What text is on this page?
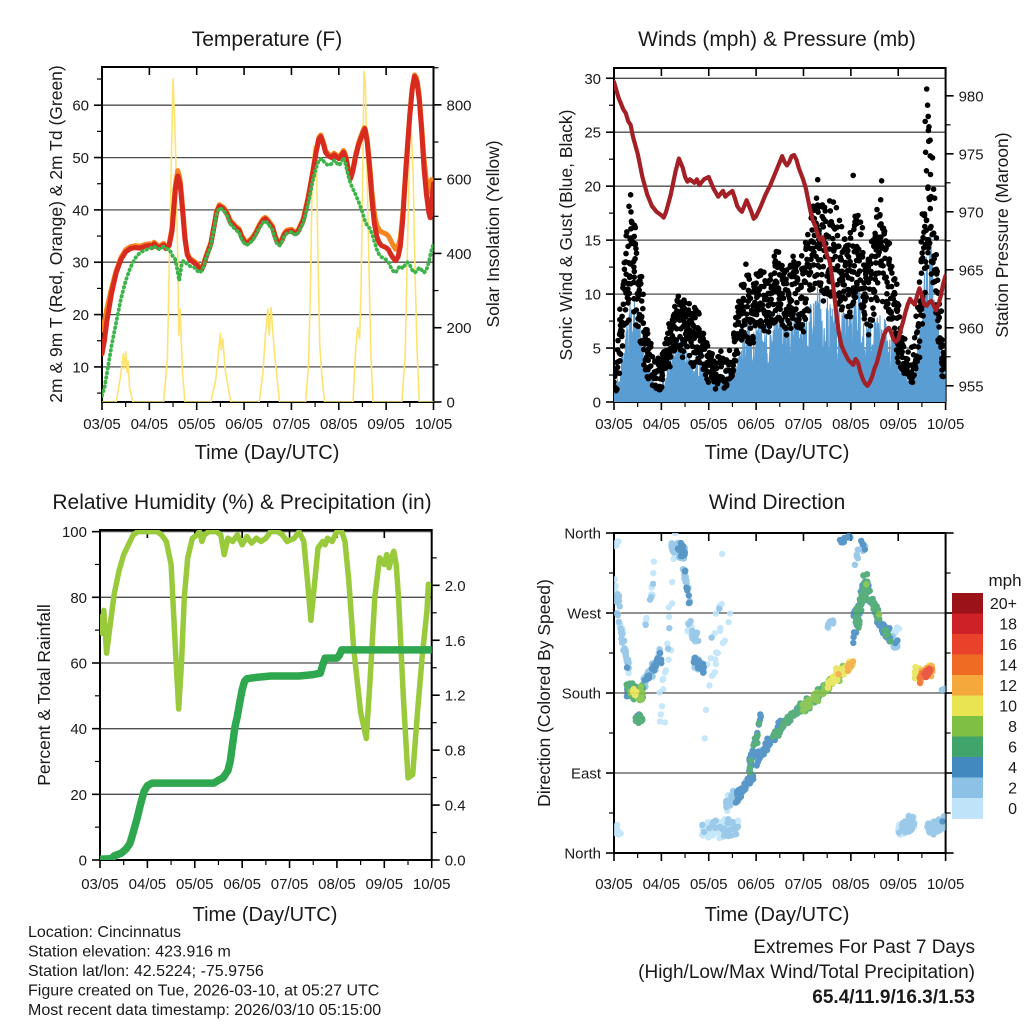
03/05 04/05 05/05 06/05 07/05 08/05 09/05 10/05
10
20
30
40
50
60
0
200
400
600
800
03/05 04/05 05/05 06/05 07/05 08/05 09/05 10/05
0
5
10
15
20
25
30
955
960
965
970
975
980
03/05 04/05 05/05 06/05 07/05 08/05 09/05 10/05
0
20
40
60
80
100
0.0
0.4
0.8
1.2
1.6
2.0
03/05 04/05 05/05 06/05 07/05 08/05 09/05 10/05
North
West
South
East
North
20+
18
16
14
12
10
8
6
4
2
0
Temperature (F)	Winds (mph) & Pressure (mb)
Relative Humidity (%) & Precipitation (in)	Wind Direction
Time (Day/UTC)	Time (Day/UTC)
Time (Day/UTC)	Time (Day/UTC)
2m & 9m T (Red, Orange) & 2m Td (Green)	Solar Insolation (Yellow)	Sonic Wind & Gust (Blue, Black)	Station Pressure (Maroon)
Percent & Total Rainfall	Direction (Colored By Speed)	mph
Location: Cincinnatus
Station elevation: 423.916 m
Station lat/lon: 42.5224; -75.9756
Figure created on Tue, 2026-03-10, at 05:27 UTC
Most recent data timestamp: 2026/03/10 05:15:00
Extremes For Past 7 Days
(High/Low/Max Wind/Total Precipitation)
65.4/11.9/16.3/1.53
